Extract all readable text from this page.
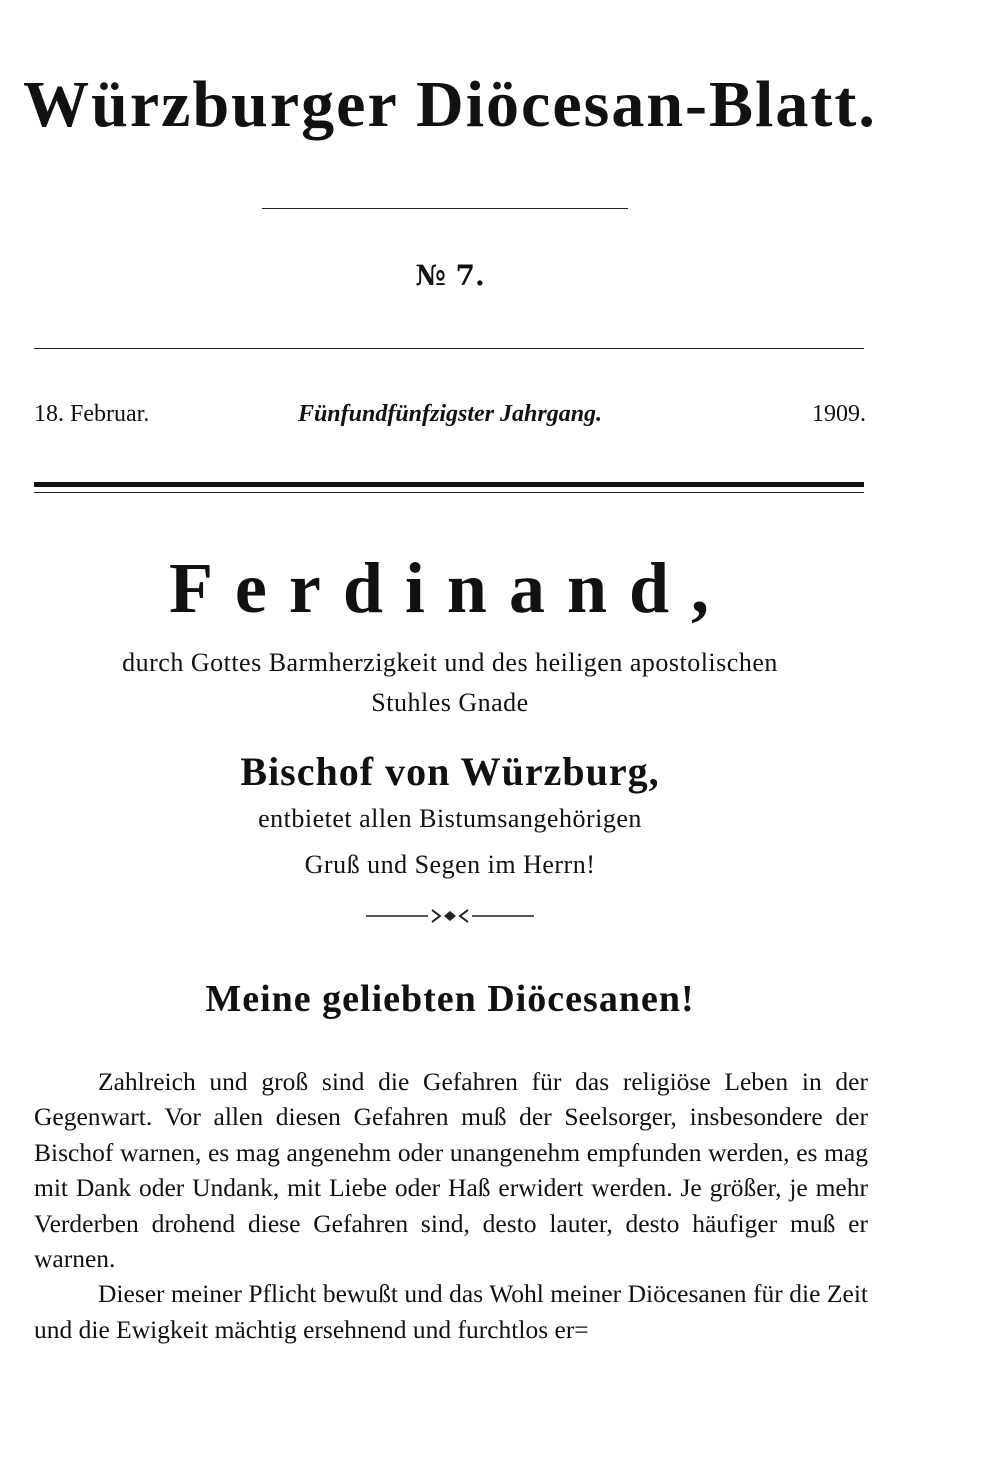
Würzburger Diöcesan-Blatt.
№ 7.
18. Februar.	Fünfundfünfzigster Jahrgang.	1909.
Ferdinand,
durch Gottes Barmherzigkeit und des heiligen apostolischen
Stuhles Gnade
Bischof von Würzburg,
entbietet allen Bistumsangehörigen
Gruß und Segen im Herrn!
Meine geliebten Diöcesanen!

Zahlreich und groß sind die Gefahren für das religiöse Leben in der Gegenwart. Vor allen diesen Gefahren muß der Seelsorger, insbesondere der Bischof warnen, es mag angenehm oder unangenehm empfunden werden, es mag mit Dank oder Undank, mit Liebe oder Haß erwidert werden. Je größer, je mehr Verderben drohend diese Gefahren sind, desto lauter, desto häufiger muß er warnen.

Dieser meiner Pflicht bewußt und das Wohl meiner Diöcesanen für die Zeit und die Ewigkeit mächtig ersehnend und furchtlos er=
